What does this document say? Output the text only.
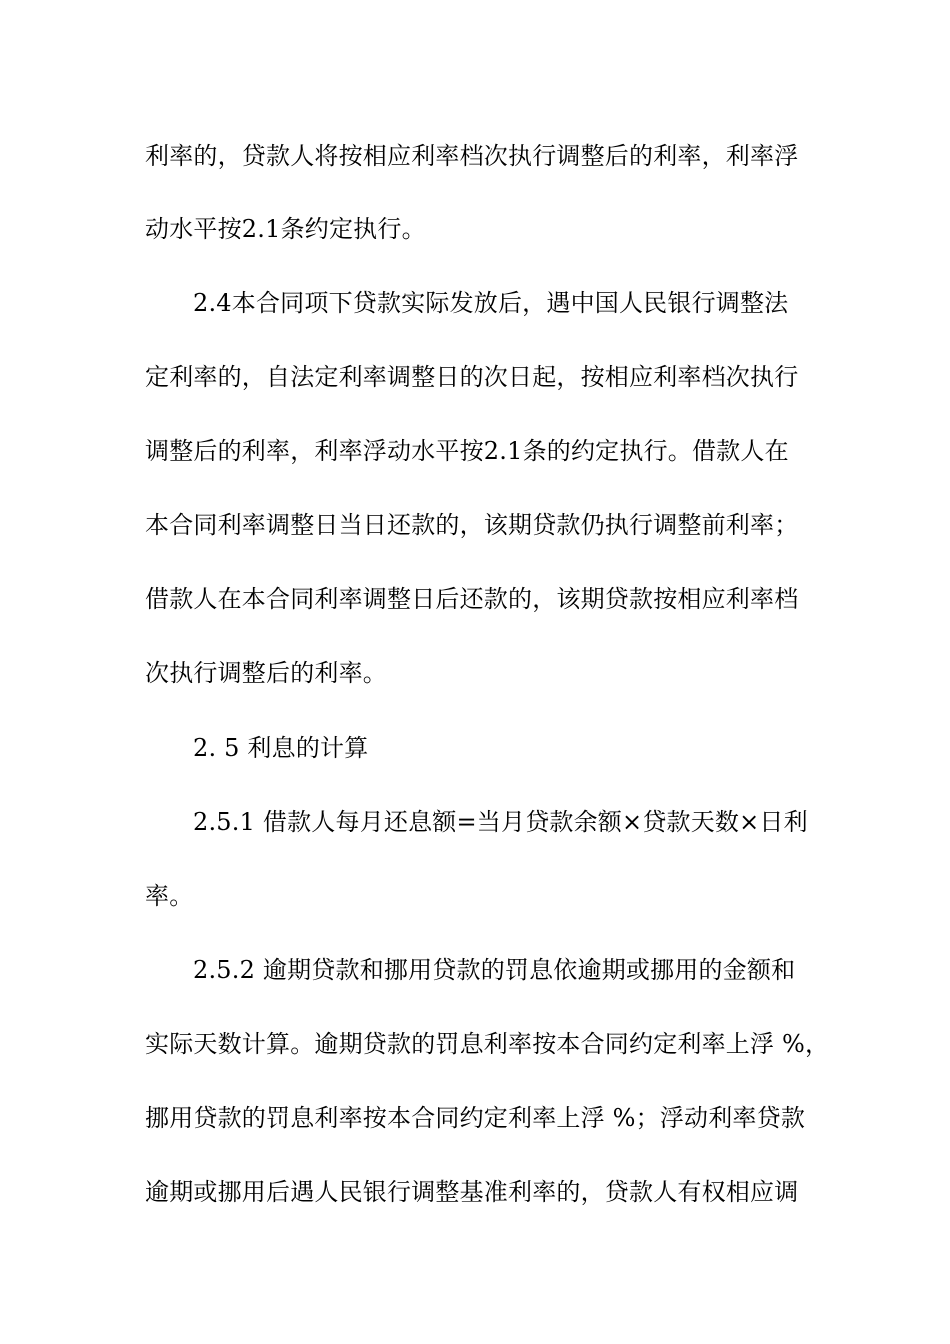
利率的，贷款人将按相应利率档次执行调整后的利率，利率浮
动水平按2.1条约定执行。
2.4本合同项下贷款实际发放后，遇中国人民银行调整法
定利率的，自法定利率调整日的次日起，按相应利率档次执行
调整后的利率，利率浮动水平按2.1条的约定执行。借款人在
本合同利率调整日当日还款的，该期贷款仍执行调整前利率；
借款人在本合同利率调整日后还款的，该期贷款按相应利率档
次执行调整后的利率。
2. 5 利息的计算
2.5.1 借款人每月还息额=当月贷款余额×贷款天数×日利
率。
2.5.2 逾期贷款和挪用贷款的罚息依逾期或挪用的金额和
实际天数计算。逾期贷款的罚息利率按本合同约定利率上浮 %，
挪用贷款的罚息利率按本合同约定利率上浮 %；浮动利率贷款
逾期或挪用后遇人民银行调整基准利率的，贷款人有权相应调
